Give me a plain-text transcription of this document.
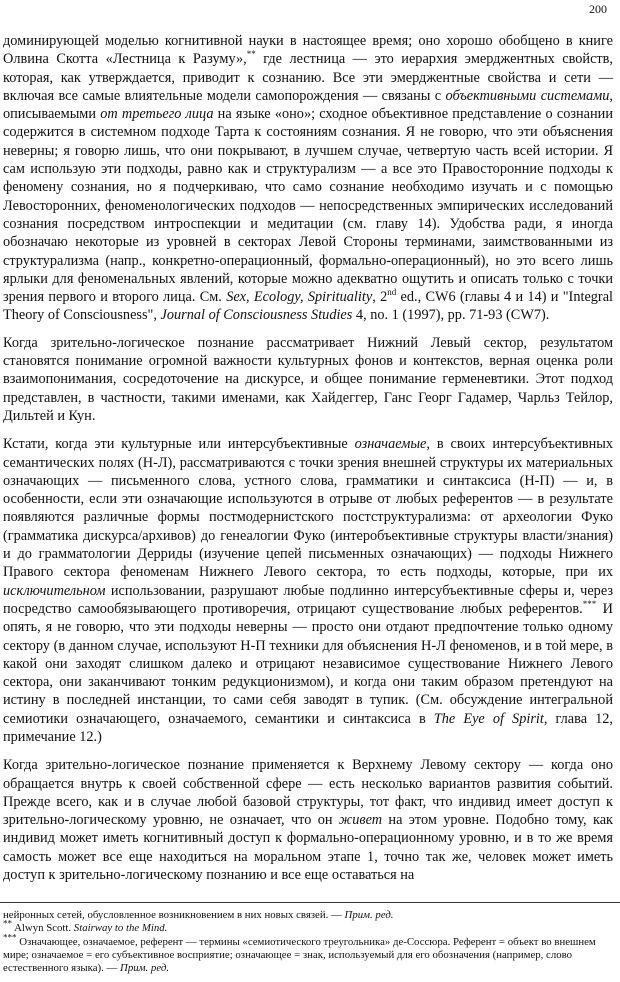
200

доминирующей моделью когнитивной науки в настоящее время; оно хорошо обобщено в книге Олвина Скотта «Лестница к Разуму»,** где лестница — это иерархия эмерджентных свойств, которая, как утверждается, приводит к сознанию. Все эти эмерджентные свойства и сети — включая все самые влиятельные модели самопорождения — связаны с объективными системами, описываемыми от третьего лица на языке «оно»; сходное объективное представление о сознании содержится в системном подходе Тарта к состояниям сознания. Я не говорю, что эти объяснения неверны; я говорю лишь, что они покрывают, в лучшем случае, четвертую часть всей истории. Я сам использую эти подходы, равно как и структурализм — а все это Правосторонние подходы к феномену сознания, но я подчеркиваю, что само сознание необходимо изучать и с помощью Левосторонних, феноменологических подходов — непосредственных эмпирических исследований сознания посредством интроспекции и медитации (см. главу 14). Удобства ради, я иногда обозначаю некоторые из уровней в секторах Левой Стороны терминами, заимствованными из структурализма (напр., конкретно-операционный, формально-операционный), но это всего лишь ярлыки для феноменальных явлений, которые можно адекватно ощутить и описать только с точки зрения первого и второго лица. См. Sex, Ecology, Spirituality, 2nd ed., CW6 (главы 4 и 14) и "Integral Theory of Consciousness", Journal of Consciousness Studies 4, no. 1 (1997), pp. 71-93 (CW7).

Когда зрительно-логическое познание рассматривает Нижний Левый сектор, результатом становятся понимание огромной важности культурных фонов и контекстов, верная оценка роли взаимопонимания, сосредоточение на дискурсе, и общее понимание герменевтики. Этот подход представлен, в частности, такими именами, как Хайдеггер, Ганс Георг Гадамер, Чарльз Тейлор, Дильтей и Кун.

Кстати, когда эти культурные или интерсубъективные означаемые, в своих интерсубъективных семантических полях (Н-Л), рассматриваются с точки зрения внешней структуры их материальных означающих — письменного слова, устного слова, грамматики и синтаксиса (Н-П) — и, в особенности, если эти означающие используются в отрыве от любых референтов — в результате появляются различные формы постмодернистского постструктурализма: от археологии Фуко (грамматика дискурса/архивов) до генеалогии Фуко (интеробъективные структуры власти/знания) и до грамматологии Дерриды (изучение цепей письменных означающих) — подходы Нижнего Правого сектора феноменам Нижнего Левого сектора, то есть подходы, которые, при их исключительном использовании, разрушают любые подлинно интерсубъективные сферы и, через посредство самообязывающего противоречия, отрицают существование любых референтов.*** И опять, я не говорю, что эти подходы неверны — просто они отдают предпочтение только одному сектору (в данном случае, используют Н-П техники для объяснения Н-Л феноменов, и в той мере, в какой они заходят слишком далеко и отрицают независимое существование Нижнего Левого сектора, они заканчивают тонким редукционизмом), и когда они таким образом претендуют на истину в последней инстанции, то сами себя заводят в тупик. (См. обсуждение интегральной семиотики означающего, означаемого, семантики и синтаксиса в The Eye of Spirit, глава 12, примечание 12.)

Когда зрительно-логическое познание применяется к Верхнему Левому сектору — когда оно обращается внутрь к своей собственной сфере — есть несколько вариантов развития событий. Прежде всего, как и в случае любой базовой структуры, тот факт, что индивид имеет доступ к зрительно-логическому уровню, не означает, что он живет на этом уровне. Подобно тому, как индивид может иметь когнитивный доступ к формально-операционному уровню, и в то же время самость может все еще находиться на моральном этапе 1, точно так же, человек может иметь доступ к зрительно-логическому познанию и все еще оставаться на

нейронных сетей, обусловленное возникновением в них новых связей. — Прим. ред.

** Alwyn Scott. Stairway to the Mind.

*** Означающее, означаемое, референт — термины «семиотического треугольника» де-Соссюра. Референт = объект во внешнем мире; означаемое = его субъективное восприятие; означающее = знак, используемый для его обозначения (например, слово естественного языка). — Прим. ред.
